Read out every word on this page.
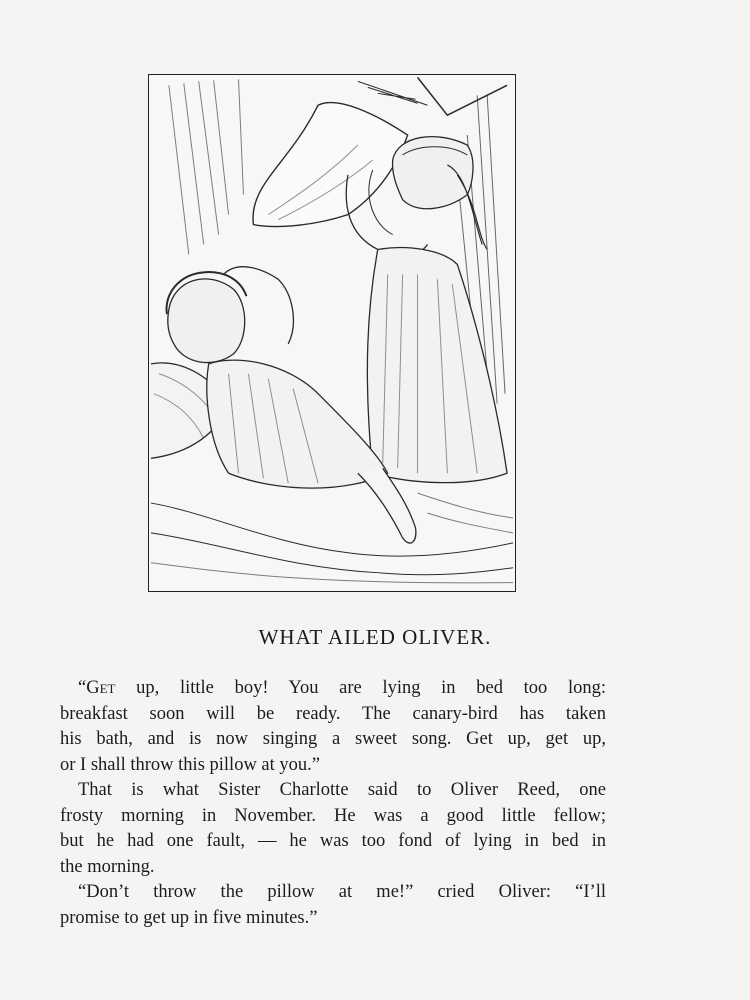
WHAT AILED OLIVER.
“Get up, little boy! You are lying in bed too long:
breakfast soon will be ready. The canary-bird has taken
his bath, and is now singing a sweet song. Get up, get up,
or I shall throw this pillow at you.”
That is what Sister Charlotte said to Oliver Reed, one
frosty morning in November. He was a good little fellow;
but he had one fault, — he was too fond of lying in bed in
the morning.
“Don’t throw the pillow at me!” cried Oliver: “I’ll
promise to get up in five minutes.”
